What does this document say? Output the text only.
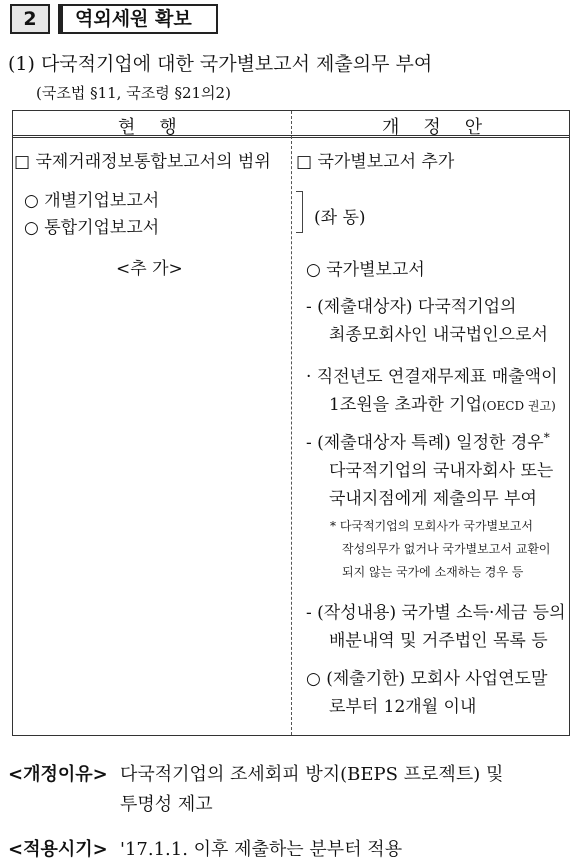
2	역외세원 확보
(1) 다국적기업에 대한 국가별보고서 제출의무 부여
(국조법 §11, 국조령 §21의2)
현행	개정안
□ 국제거래정보통합보고서의 범위
○ 개별기업보고서
○ 통합기업보고서
<추 가>
□ 국가별보고서 추가
(좌 동)
○ 국가별보고서
- (제출대상자) 다국적기업의
최종모회사인 내국법인으로서
· 직전년도 연결재무제표 매출액이
1조원을 초과한 기업(OECD 권고)
- (제출대상자 특례) 일정한 경우*
다국적기업의 국내자회사 또는
국내지점에게 제출의무 부여
* 다국적기업의 모회사가 국가별보고서
작성의무가 없거나 국가별보고서 교환이
되지 않는 국가에 소재하는 경우 등
- (작성내용) 국가별 소득·세금 등의
배분내역 및 거주법인 목록 등
○ (제출기한) 모회사 사업연도말
로부터 12개월 이내
<개정이유> 다국적기업의 조세회피 방지(BEPS 프로젝트) 및
투명성 제고
<적용시기> '17.1.1. 이후 제출하는 분부터 적용
